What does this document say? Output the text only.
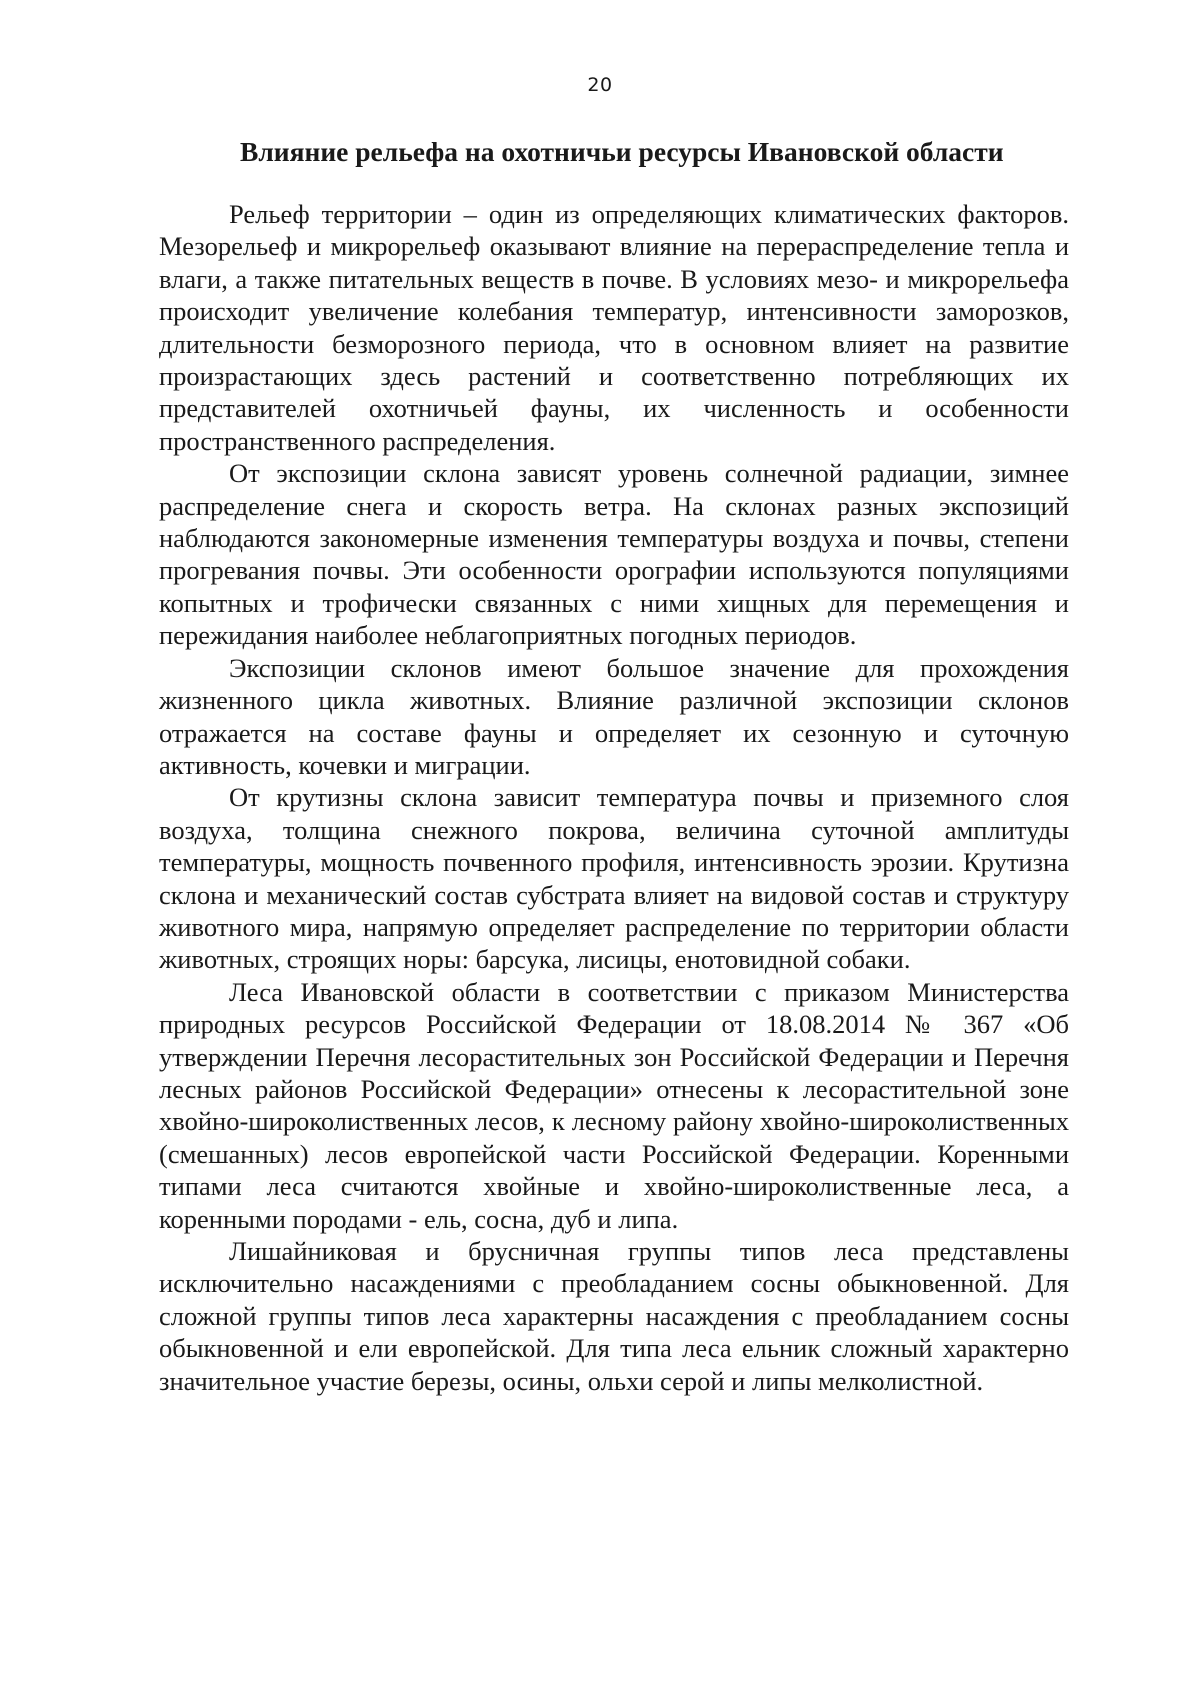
20
Влияние рельефа на охотничьи ресурсы Ивановской области

Рельеф территории – один из определяющих климатических факторов. Мезорельеф и микрорельеф оказывают влияние на перераспределение тепла и влаги, а также питательных веществ в почве. В условиях мезо- и микрорельефа происходит увеличение колебания температур, интенсивности заморозков, длительности безморозного периода, что в основном влияет на развитие произрастающих здесь растений и соответственно потребляющих их представителей охотничьей фауны, их численность и особенности пространственного распределения.

От экспозиции склона зависят уровень солнечной радиации, зимнее распределение снега и скорость ветра. На склонах разных экспозиций наблюдаются закономерные изменения температуры воздуха и почвы, степени прогревания почвы. Эти особенности орографии используются популяциями копытных и трофически связанных с ними хищных для перемещения и пережидания наиболее неблагоприятных погодных периодов.

Экспозиции склонов имеют большое значение для прохождения жизненного цикла животных. Влияние различной экспозиции склонов отражается на составе фауны и определяет их сезонную и суточную активность, кочевки и миграции.

От крутизны склона зависит температура почвы и приземного слоя воздуха, толщина снежного покрова, величина суточной амплитуды температуры, мощность почвенного профиля, интенсивность эрозии. Крутизна склона и механический состав субстрата влияет на видовой состав и структуру животного мира, напрямую определяет распределение по территории области животных, строящих норы: барсука, лисицы, енотовидной собаки.

Леса Ивановской области в соответствии с приказом Министерства природных ресурсов Российской Федерации от 18.08.2014 № 367 «Об утверждении Перечня лесорастительных зон Российской Федерации и Перечня лесных районов Российской Федерации» отнесены к лесорастительной зоне хвойно-широколиственных лесов, к лесному району хвойно-широколиственных (смешанных) лесов европейской части Российской Федерации. Коренными типами леса считаются хвойные и хвойно-широколиственные леса, а коренными породами - ель, сосна, дуб и липа.

Лишайниковая и брусничная группы типов леса представлены исключительно насаждениями с преобладанием сосны обыкновенной. Для сложной группы типов леса характерны насаждения с преобладанием сосны обыкновенной и ели европейской. Для типа леса ельник сложный характерно значительное участие березы, осины, ольхи серой и липы мелколистной.
